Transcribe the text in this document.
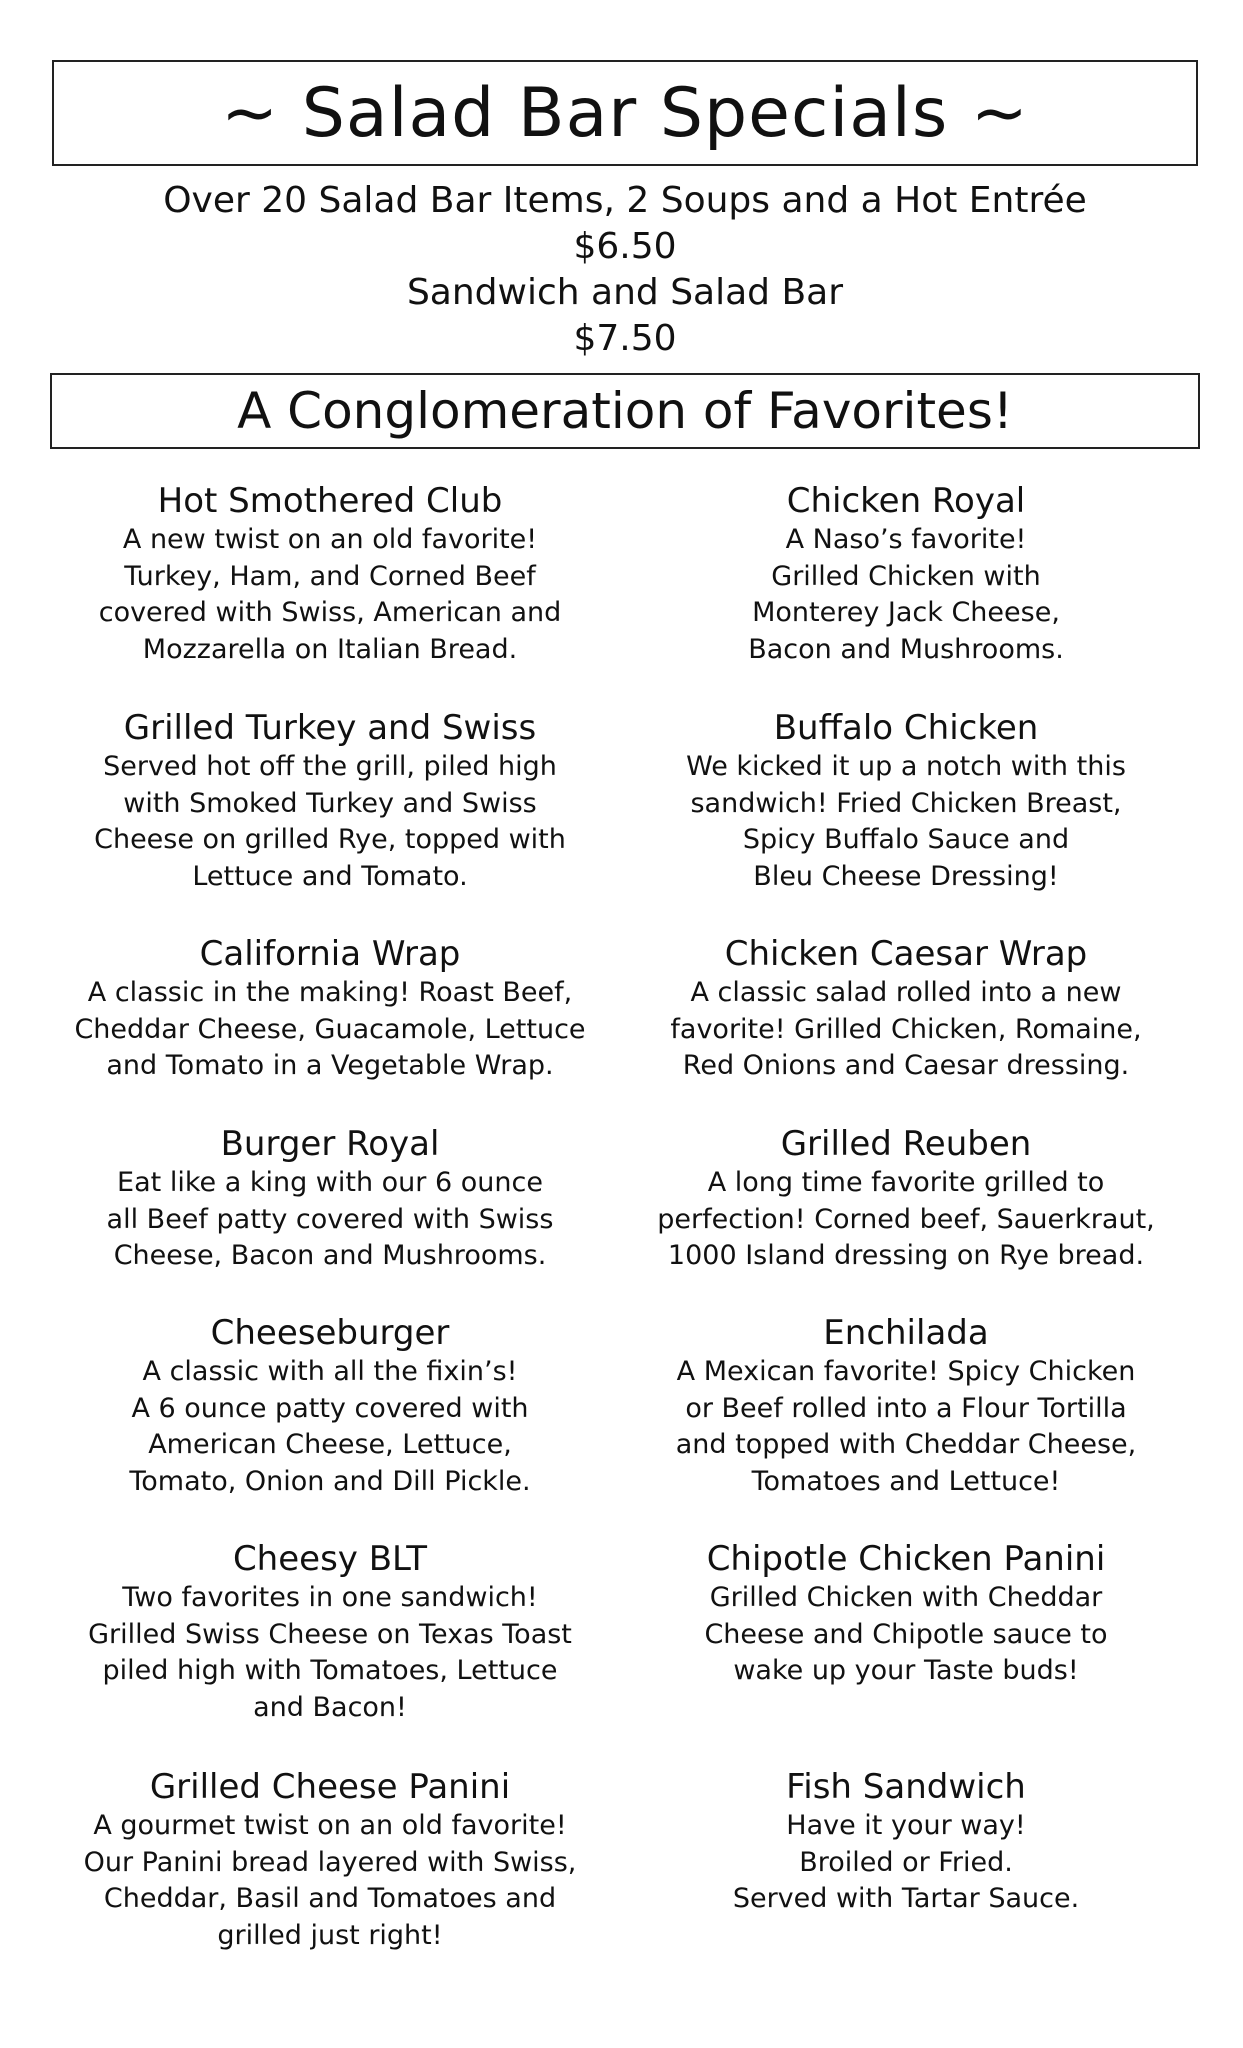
~ Salad Bar Specials ~
Over 20 Salad Bar Items, 2 Soups and a Hot Entrée
$6.50
Sandwich and Salad Bar
$7.50
A Conglomeration of Favorites!
Hot Smothered Club
A new twist on an old favorite!
Turkey, Ham, and Corned Beef
covered with Swiss, American and
Mozzarella on Italian Bread.
Grilled Turkey and Swiss
Served hot off the grill, piled high
with Smoked Turkey and Swiss
Cheese on grilled Rye, topped with
Lettuce and Tomato.
California Wrap
A classic in the making! Roast Beef,
Cheddar Cheese, Guacamole, Lettuce
and Tomato in a Vegetable Wrap.
Burger Royal
Eat like a king with our 6 ounce
all Beef patty covered with Swiss
Cheese, Bacon and Mushrooms.
Cheeseburger
A classic with all the fixin’s!
A 6 ounce patty covered with
American Cheese, Lettuce,
Tomato, Onion and Dill Pickle.
Cheesy BLT
Two favorites in one sandwich!
Grilled Swiss Cheese on Texas Toast
piled high with Tomatoes, Lettuce
and Bacon!
Grilled Cheese Panini
A gourmet twist on an old favorite!
Our Panini bread layered with Swiss,
Cheddar, Basil and Tomatoes and
grilled just right!
Chicken Royal
A Naso’s favorite!
Grilled Chicken with
Monterey Jack Cheese,
Bacon and Mushrooms.
Buffalo Chicken
We kicked it up a notch with this
sandwich! Fried Chicken Breast,
Spicy Buffalo Sauce and
Bleu Cheese Dressing!
Chicken Caesar Wrap
A classic salad rolled into a new
favorite! Grilled Chicken, Romaine,
Red Onions and Caesar dressing.
Grilled Reuben
A long time favorite grilled to
perfection! Corned beef, Sauerkraut,
1000 Island dressing on Rye bread.
Enchilada
A Mexican favorite! Spicy Chicken
or Beef rolled into a Flour Tortilla
and topped with Cheddar Cheese,
Tomatoes and Lettuce!
Chipotle Chicken Panini
Grilled Chicken with Cheddar
Cheese and Chipotle sauce to
wake up your Taste buds!
Fish Sandwich
Have it your way!
Broiled or Fried.
Served with Tartar Sauce.
